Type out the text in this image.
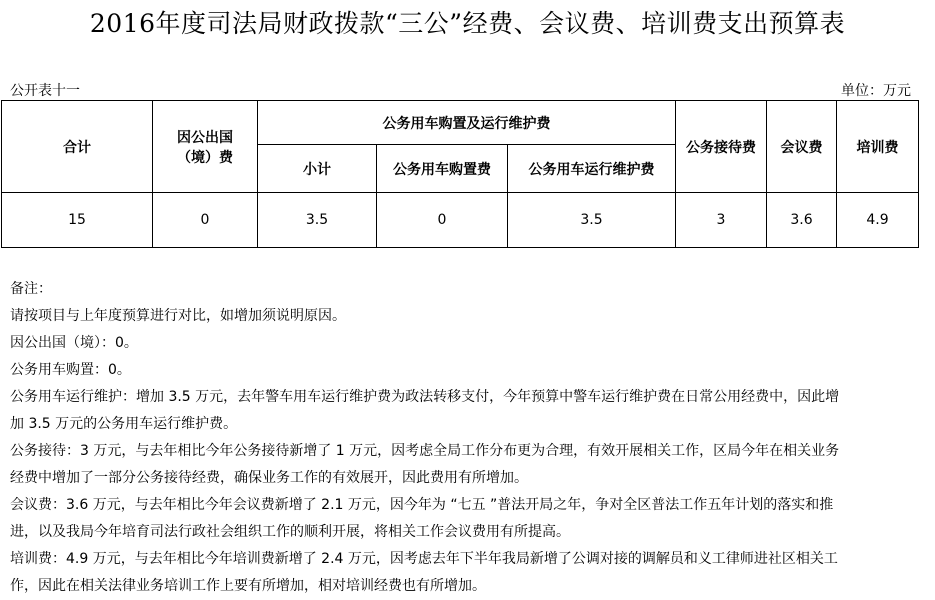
2016年度司法局财政拨款“三公”经费、会议费、培训费支出预算表
公开表十一	单位：万元
合计	因公出国（境）费	公务用车购置及运行维护费			公务接待费	会议费	培训费
		小计	公务用车购置费	公务用车运行维护费			
15	0	3.5	0	3.5	3	3.6	4.9

备注：

请按项目与上年度预算进行对比，如增加须说明原因。

因公出国（境）：0。

公务用车购置：0。

公务用车运行维护：增加 3.5 万元，去年警车用车运行维护费为政法转移支付，今年预算中警车运行维护费在日常公用经费中，因此增加 3.5 万元的公务用车运行维护费。

公务接待：3 万元，与去年相比今年公务接待新增了 1 万元，因考虑全局工作分布更为合理，有效开展相关工作，区局今年在相关业务经费中增加了一部分公务接待经费，确保业务工作的有效展开，因此费用有所增加。

会议费：3.6 万元，与去年相比今年会议费新增了 2.1 万元，因今年为 “七五 ”普法开局之年，争对全区普法工作五年计划的落实和推进，以及我局今年培育司法行政社会组织工作的顺利开展，将相关工作会议费用有所提高。

培训费：4.9 万元，与去年相比今年培训费新增了 2.4 万元，因考虑去年下半年我局新增了公调对接的调解员和义工律师进社区相关工作，因此在相关法律业务培训工作上要有所增加，相对培训经费也有所增加。
